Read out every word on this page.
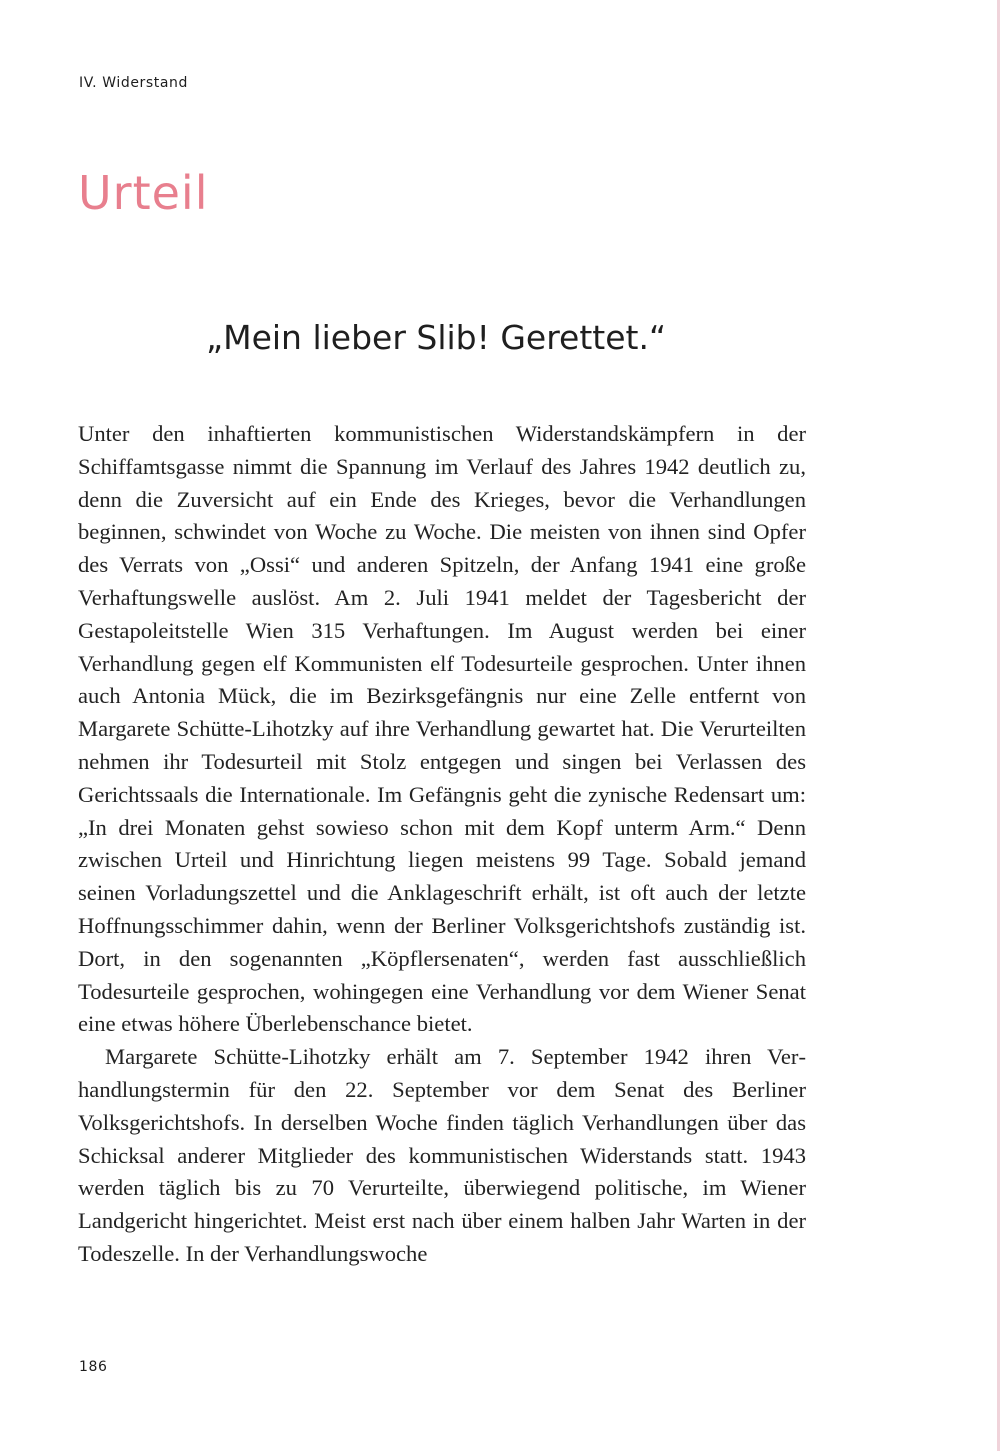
IV. Widerstand
Urteil
„Mein lieber Slib! Gerettet.“

Unter den inhaftierten kommunistischen Widerstandskämpfern in der Schiffamtsgasse nimmt die Spannung im Verlauf des Jahres 1942 deutlich zu, denn die Zuversicht auf ein Ende des Krieges, bevor die Verhandlungen beginnen, schwindet von Woche zu Woche. Die meisten von ihnen sind Opfer des Verrats von „Ossi“ und anderen Spitzeln, der Anfang 1941 eine große Verhaftungswelle auslöst. Am 2. Juli 1941 meldet der Tagesbericht der Gestapoleitstelle Wien 315 Verhaftungen. Im August werden bei einer Verhandlung gegen elf Kommunisten elf Todesurteile gesprochen. Unter ihnen auch Antonia Mück, die im Bezirksgefängnis nur eine Zelle entfernt von Margarete Schütte-Lihotzky auf ihre Verhandlung gewartet hat. Die Verurteilten nehmen ihr Todesurteil mit Stolz entgegen und singen bei Verlassen des Gerichtssaals die Internationale. Im Gefängnis geht die zynische Redensart um: „In drei Monaten gehst sowieso schon mit dem Kopf unterm Arm.“ Denn zwischen Urteil und Hinrichtung liegen meistens 99 Tage. Sobald jemand seinen Vorladungszettel und die Anklageschrift erhält, ist oft auch der letzte Hoffnungsschimmer dahin, wenn der Berliner Volksgerichtshofs zuständig ist. Dort, in den sogenannten „Köpflersenaten“, werden fast ausschließlich Todesurteile gesprochen, wohingegen eine Verhandlung vor dem Wiener Senat eine etwas höhere Überlebenschance bietet.

Margarete Schütte-Lihotzky erhält am 7. September 1942 ihren Verhandlungstermin für den 22. September vor dem Senat des Berliner Volksgerichtshofs. In derselben Woche finden täglich Verhandlungen über das Schicksal anderer Mitglieder des kommunistischen Widerstands statt. 1943 werden täglich bis zu 70 Verurteilte, überwiegend politische, im Wiener Landgericht hingerichtet. Meist erst nach über einem halben Jahr Warten in der Todeszelle. In der Verhandlungswoche

186
